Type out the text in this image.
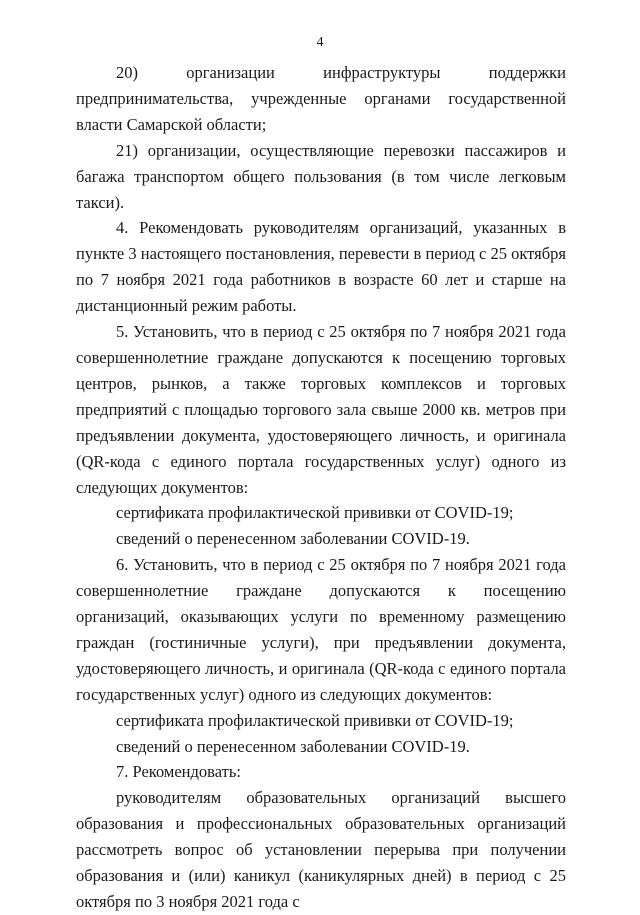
4

20) организации инфраструктуры поддержки предпринимательства, учрежденные органами государственной власти Самарской области;

21) организации, осуществляющие перевозки пассажиров и багажа транспортом общего пользования (в том числе легковым такси).

4. Рекомендовать руководителям организаций, указанных в пункте 3 настоящего постановления, перевести в период с 25 октября по 7 ноября 2021 года работников в возрасте 60 лет и старше на дистанционный режим работы.

5. Установить, что в период с 25 октября по 7 ноября 2021 года совершеннолетние граждане допускаются к посещению торговых центров, рынков, а также торговых комплексов и торговых предприятий с площадью торгового зала свыше 2000 кв. метров при предъявлении документа, удостоверяющего личность, и оригинала (QR-кода с единого портала государственных услуг) одного из следующих документов:

сертификата профилактической прививки от COVID-19;

сведений о перенесенном заболевании COVID-19.

6. Установить, что в период с 25 октября по 7 ноября 2021 года совершеннолетние граждане допускаются к посещению организаций, оказывающих услуги по временному размещению граждан (гостиничные услуги), при предъявлении документа, удостоверяющего личность, и оригинала (QR-кода с единого портала государственных услуг) одного из следующих документов:

сертификата профилактической прививки от COVID-19;

сведений о перенесенном заболевании COVID-19.

7. Рекомендовать:

руководителям образовательных организаций высшего образования и профессиональных образовательных организаций рассмотреть вопрос об установлении перерыва при получении образования и (или) каникул (каникулярных дней) в период с 25 октября по 3 ноября 2021 года с
